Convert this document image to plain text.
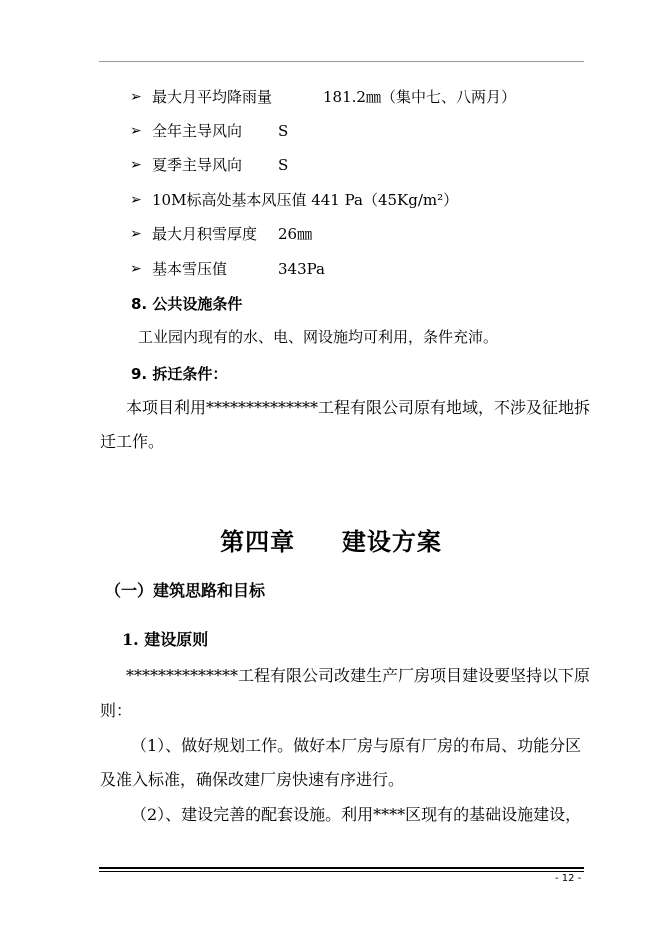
➢ 最大月平均降雨量	181.2㎜（集中七、八两月）
➢ 全年主导风向 S
➢ 夏季主导风向 S
➢ 10M标高处基本风压值 441 Pa（45Kg/m²）
➢ 最大月积雪厚度 26㎜
➢ 基本雪压值	343Pa
8. 公共设施条件
工业园内现有的水、电、网设施均可利用，条件充沛。
9. 拆迁条件：
本项目利用**************工程有限公司原有地域，不涉及征地拆
迁工作。
第四章 建设方案
（一）建筑思路和目标
1. 建设原则
**************工程有限公司改建生产厂房项目建设要坚持以下原
则：
（1）、做好规划工作。做好本厂房与原有厂房的布局、功能分区
及准入标准，确保改建厂房快速有序进行。
（2）、建设完善的配套设施。利用****区现有的基础设施建设，
- 12 -
